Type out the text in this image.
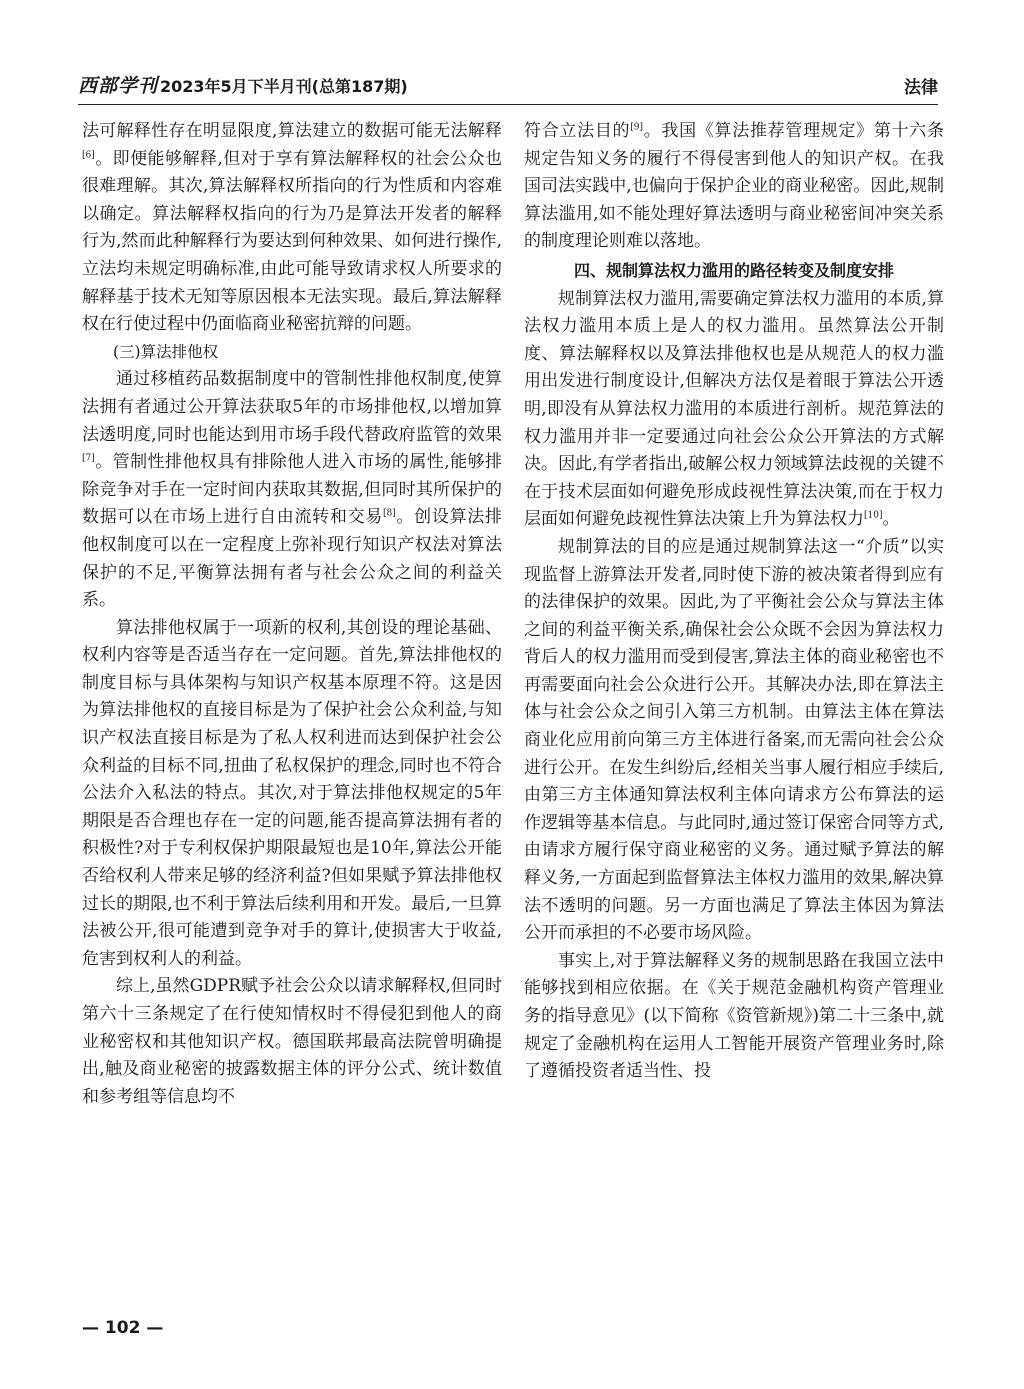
西部学刊 2023年5月下半月刊(总第187期)	法律

法可解释性存在明显限度,算法建立的数据可能无法解释[6]。即便能够解释,但对于享有算法解释权的社会公众也很难理解。其次,算法解释权所指向的行为性质和内容难以确定。算法解释权指向的行为乃是算法开发者的解释行为,然而此种解释行为要达到何种效果、如何进行操作,立法均未规定明确标准,由此可能导致请求权人所要求的解释基于技术无知等原因根本无法实现。最后,算法解释权在行使过程中仍面临商业秘密抗辩的问题。

(三)算法排他权

通过移植药品数据制度中的管制性排他权制度,使算法拥有者通过公开算法获取5年的市场排他权,以增加算法透明度,同时也能达到用市场手段代替政府监管的效果[7]。管制性排他权具有排除他人进入市场的属性,能够排除竞争对手在一定时间内获取其数据,但同时其所保护的数据可以在市场上进行自由流转和交易[8]。创设算法排他权制度可以在一定程度上弥补现行知识产权法对算法保护的不足,平衡算法拥有者与社会公众之间的利益关系。

算法排他权属于一项新的权利,其创设的理论基础、权利内容等是否适当存在一定问题。首先,算法排他权的制度目标与具体架构与知识产权基本原理不符。这是因为算法排他权的直接目标是为了保护社会公众利益,与知识产权法直接目标是为了私人权利进而达到保护社会公众利益的目标不同,扭曲了私权保护的理念,同时也不符合公法介入私法的特点。其次,对于算法排他权规定的5年期限是否合理也存在一定的问题,能否提高算法拥有者的积极性?对于专利权保护期限最短也是10年,算法公开能否给权利人带来足够的经济利益?但如果赋予算法排他权过长的期限,也不利于算法后续利用和开发。最后,一旦算法被公开,很可能遭到竞争对手的算计,使损害大于收益,危害到权利人的利益。

综上,虽然GDPR赋予社会公众以请求解释权,但同时第六十三条规定了在行使知情权时不得侵犯到他人的商业秘密权和其他知识产权。德国联邦最高法院曾明确提出,触及商业秘密的披露数据主体的评分公式、统计数值和参考组等信息均不

符合立法目的[9]。我国《算法推荐管理规定》第十六条规定告知义务的履行不得侵害到他人的知识产权。在我国司法实践中,也偏向于保护企业的商业秘密。因此,规制算法滥用,如不能处理好算法透明与商业秘密间冲突关系的制度理论则难以落地。

四、规制算法权力滥用的路径转变及制度安排

规制算法权力滥用,需要确定算法权力滥用的本质,算法权力滥用本质上是人的权力滥用。虽然算法公开制度、算法解释权以及算法排他权也是从规范人的权力滥用出发进行制度设计,但解决方法仅是着眼于算法公开透明,即没有从算法权力滥用的本质进行剖析。规范算法的权力滥用并非一定要通过向社会公众公开算法的方式解决。因此,有学者指出,破解公权力领域算法歧视的关键不在于技术层面如何避免形成歧视性算法决策,而在于权力层面如何避免歧视性算法决策上升为算法权力[10]。

规制算法的目的应是通过规制算法这一“介质”以实现监督上游算法开发者,同时使下游的被决策者得到应有的法律保护的效果。因此,为了平衡社会公众与算法主体之间的利益平衡关系,确保社会公众既不会因为算法权力背后人的权力滥用而受到侵害,算法主体的商业秘密也不再需要面向社会公众进行公开。其解决办法,即在算法主体与社会公众之间引入第三方机制。由算法主体在算法商业化应用前向第三方主体进行备案,而无需向社会公众进行公开。在发生纠纷后,经相关当事人履行相应手续后,由第三方主体通知算法权利主体向请求方公布算法的运作逻辑等基本信息。与此同时,通过签订保密合同等方式,由请求方履行保守商业秘密的义务。通过赋予算法的解释义务,一方面起到监督算法主体权力滥用的效果,解决算法不透明的问题。另一方面也满足了算法主体因为算法公开而承担的不必要市场风险。

事实上,对于算法解释义务的规制思路在我国立法中能够找到相应依据。在《关于规范金融机构资产管理业务的指导意见》(以下简称《资管新规》)第二十三条中,就规定了金融机构在运用人工智能开展资产管理业务时,除了遵循投资者适当性、投

— 102 —
